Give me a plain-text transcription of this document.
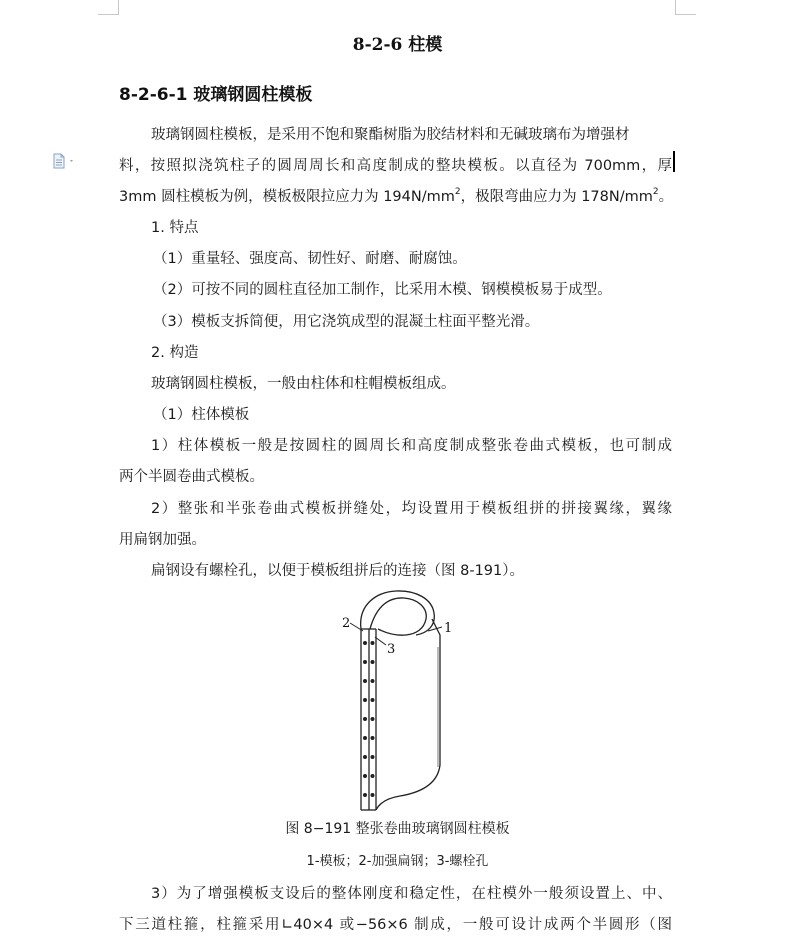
8-2-6 柱模
8-2-6-1 玻璃钢圆柱模板
玻璃钢圆柱模板，是采用不饱和聚酯树脂为胶结材料和无碱玻璃布为增强材
料，按照拟浇筑柱子的圆周周长和高度制成的整块模板。以直径为 700mm，厚
3mm 圆柱模板为例，模板极限拉应力为 $194N/mm^2$，极限弯曲应力为 $178N/mm^2$。
1. 特点
（1）重量轻、强度高、韧性好、耐磨、耐腐蚀。
（2）可按不同的圆柱直径加工制作，比采用木模、钢模模板易于成型。
（3）模板支拆简便，用它浇筑成型的混凝土柱面平整光滑。
2. 构造
玻璃钢圆柱模板，一般由柱体和柱帽模板组成。
（1）柱体模板
1）柱体模板一般是按圆柱的圆周长和高度制成整张卷曲式模板，也可制成
两个半圆卷曲式模板。
2）整张和半张卷曲式模板拼缝处，均设置用于模板组拼的拼接翼缘，翼缘
用扁钢加强。
扁钢设有螺栓孔，以便于模板组拼后的连接（图 8-191）。
2
3
1
图 8−191 整张卷曲玻璃钢圆柱模板
1-模板；2-加强扁钢；3-螺栓孔
3）为了增强模板支设后的整体刚度和稳定性，在柱模外一般须设置上、中、
下三道柱箍，柱箍采用∟40×4 或−56×6 制成，一般可设计成两个半圆形（图
